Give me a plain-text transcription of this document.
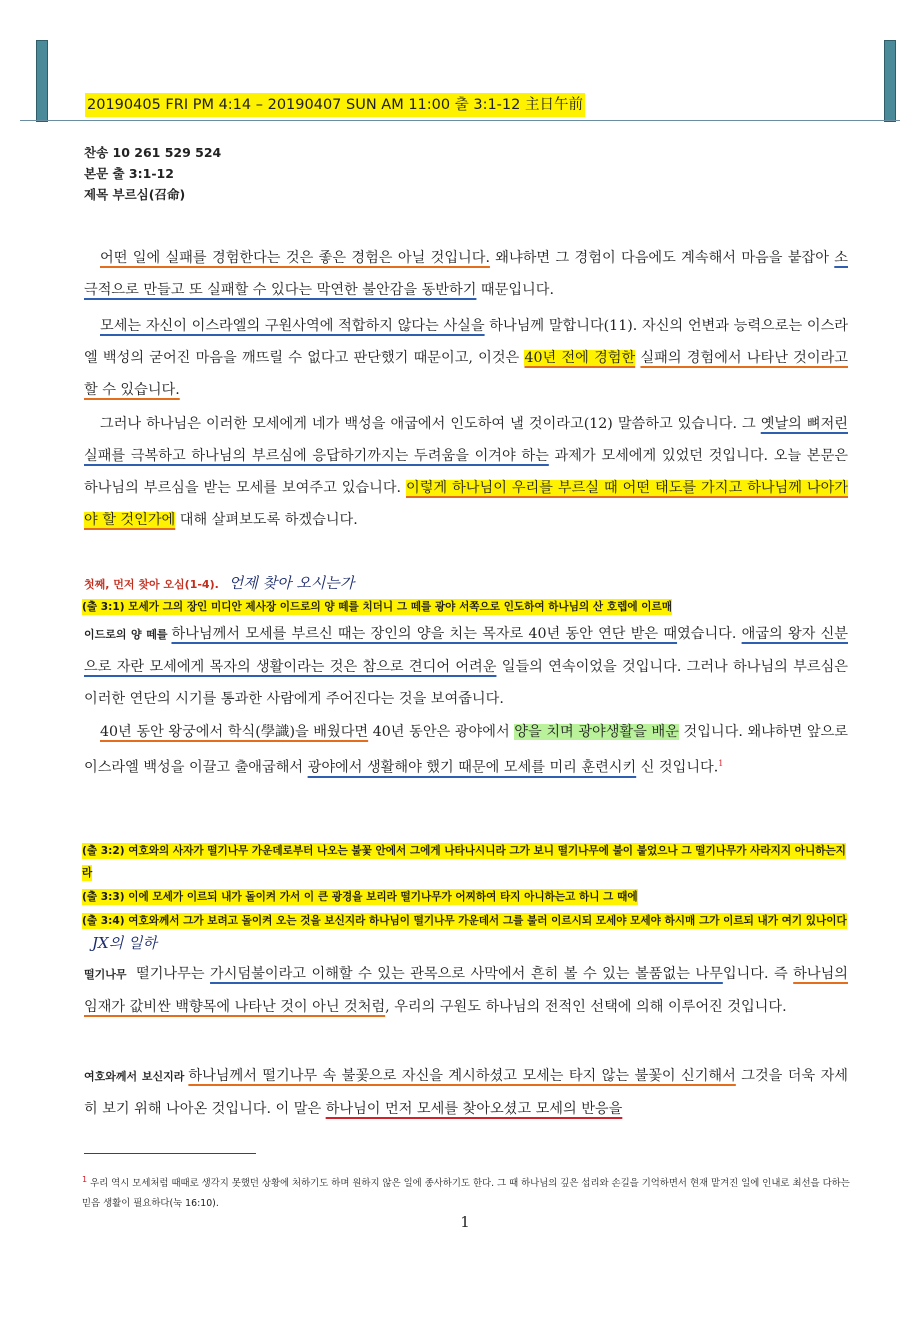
20190405 FRI PM 4:14 – 20190407 SUN AM 11:00 출 3:1-12 主日午前
찬송 10 261 529 524
본문 출 3:1-12
제목 부르심(召命)
어떤 일에 실패를 경험한다는 것은 좋은 경험은 아닐 것입니다. 왜냐하면 그 경험이 다음에도 계속해서 마음을 붙잡아 소극적으로 만들고 또 실패할 수 있다는 막연한 불안감을 동반하기 때문입니다.
모세는 자신이 이스라엘의 구원사역에 적합하지 않다는 사실을 하나님께 말합니다(11). 자신의 언변과 능력으로는 이스라엘 백성의 굳어진 마음을 깨뜨릴 수 없다고 판단했기 때문이고, 이것은 40년 전에 경험한 실패의 경험에서 나타난 것이라고 할 수 있습니다.
그러나 하나님은 이러한 모세에게 네가 백성을 애굽에서 인도하여 낼 것이라고(12) 말씀하고 있습니다. 그 옛날의 뼈저린 실패를 극복하고 하나님의 부르심에 응답하기까지는 두려움을 이겨야 하는 과제가 모세에게 있었던 것입니다. 오늘 본문은 하나님의 부르심을 받는 모세를 보여주고 있습니다. 이렇게 하나님이 우리를 부르실 때 어떤 태도를 가지고 하나님께 나아가야 할 것인가에 대해 살펴보도록 하겠습니다.
첫째, 먼저 찾아 오심(1-4). 언제 찾아 오시는가
(출 3:1) 모세가 그의 장인 미디안 제사장 이드로의 양 떼를 치더니 그 떼를 광야 서쪽으로 인도하여 하나님의 산 호렙에 이르매
이드로의 양 떼를 하나님께서 모세를 부르신 때는 장인의 양을 치는 목자로 40년 동안 연단 받은 때였습니다. 애굽의 왕자 신분으로 자란 모세에게 목자의 생활이라는 것은 참으로 견디어 어려운 일들의 연속이었을 것입니다. 그러나 하나님의 부르심은 이러한 연단의 시기를 통과한 사람에게 주어진다는 것을 보여줍니다.
40년 동안 왕궁에서 학식(學識)을 배웠다면 40년 동안은 광야에서 양을 치며 광야생활을 배운 것입니다. 왜냐하면 앞으로 이스라엘 백성을 이끌고 출애굽해서 광야에서 생활해야 했기 때문에 모세를 미리 훈련시키 신 것입니다.$^1$
(출 3:2) 여호와의 사자가 떨기나무 가운데로부터 나오는 불꽃 안에서 그에게 나타나시니라 그가 보니 떨기나무에 불이 붙었으나 그 떨기나무가 사라지지 아니하는지라
(출 3:3) 이에 모세가 이르되 내가 돌이켜 가서 이 큰 광경을 보리라 떨기나무가 어찌하여 타지 아니하는고 하니 그 때에
(출 3:4) 여호와께서 그가 보려고 돌이켜 오는 것을 보신지라 하나님이 떨기나무 가운데서 그를 불러 이르시되 모세야 모세야 하시매 그가 이르되 내가 여기 있나이다JX의 일하
떨기나무 떨기나무는 가시덤불이라고 이해할 수 있는 관목으로 사막에서 흔히 볼 수 있는 볼품없는 나무입니다. 즉 하나님의 임재가 값비싼 백향목에 나타난 것이 아닌 것처럼, 우리의 구원도 하나님의 전적인 선택에 의해 이루어진 것입니다.
여호와께서 보신지라 하나님께서 떨기나무 속 불꽃으로 자신을 계시하셨고 모세는 타지 않는 불꽃이 신기해서 그것을 더욱 자세히 보기 위해 나아온 것입니다. 이 말은 하나님이 먼저 모세를 찾아오셨고 모세의 반응을
1 우리 역시 모세처럼 때때로 생각지 못했던 상황에 처하기도 하며 원하지 않은 일에 종사하기도 한다. 그 때 하나님의 깊은 섭리와 손길을 기억하면서 현재 맡겨진 일에 인내로 최선을 다하는 믿음 생활이 필요하다(눅 16:10).
1
